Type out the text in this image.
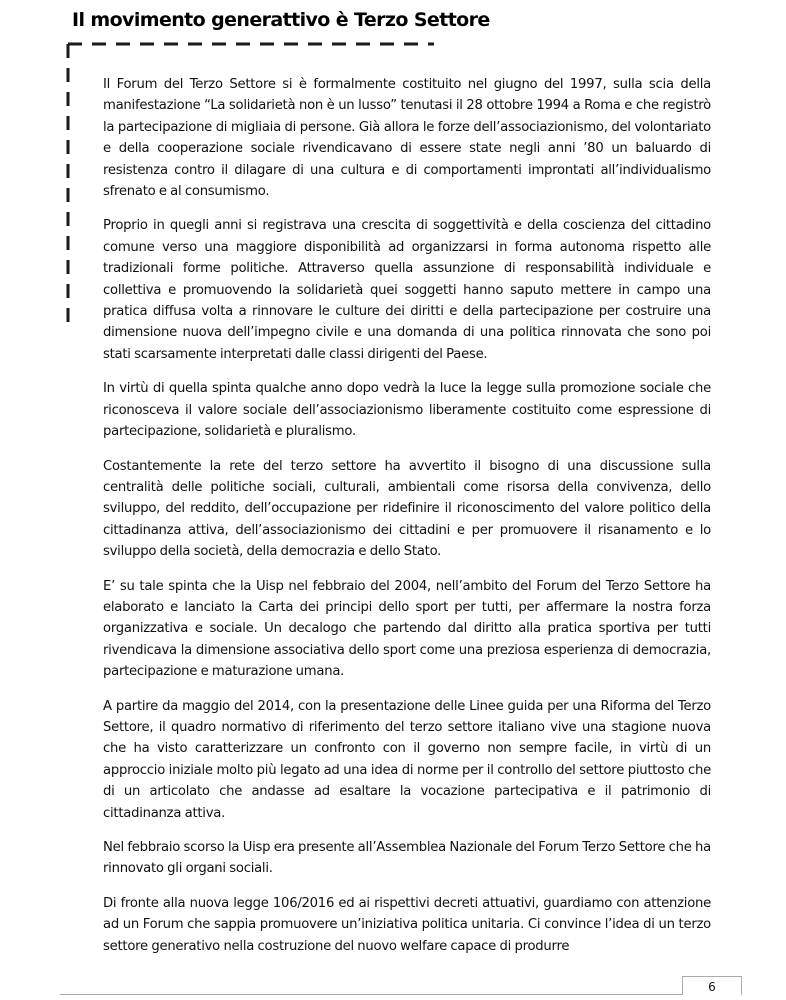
Il movimento generattivo è Terzo Settore

Il Forum del Terzo Settore si è formalmente costituito nel giugno del 1997, sulla scia della manifestazione “La solidarietà non è un lusso” tenutasi il 28 ottobre 1994 a Roma e che registrò la partecipazione di migliaia di persone. Già allora le forze dell’associazionismo, del volontariato e della cooperazione sociale rivendicavano di essere state negli anni ’80 un baluardo di resistenza contro il dilagare di una cultura e di comportamenti improntati all’individualismo sfrenato e al consumismo.

Proprio in quegli anni si registrava una crescita di soggettività e della coscienza del cittadino comune verso una maggiore disponibilità ad organizzarsi in forma autonoma rispetto alle tradizionali forme politiche. Attraverso quella assunzione di responsabilità individuale e collettiva e promuovendo la solidarietà quei soggetti hanno saputo mettere in campo una pratica diffusa volta a rinnovare le culture dei diritti e della partecipazione per costruire una dimensione nuova dell’impegno civile e una domanda di una politica rinnovata che sono poi stati scarsamente interpretati dalle classi dirigenti del Paese.

In virtù di quella spinta qualche anno dopo vedrà la luce la legge sulla promozione sociale che riconosceva il valore sociale dell’associazionismo liberamente costituito come espressione di partecipazione, solidarietà e pluralismo.

Costantemente la rete del terzo settore ha avvertito il bisogno di una discussione sulla centralità delle politiche sociali, culturali, ambientali come risorsa della convivenza, dello sviluppo, del reddito, dell’occupazione per ridefinire il riconoscimento del valore politico della cittadinanza attiva, dell’associazionismo dei cittadini e per promuovere il risanamento e lo sviluppo della società, della democrazia e dello Stato.

E’ su tale spinta che la Uisp nel febbraio del 2004, nell’ambito del Forum del Terzo Settore ha elaborato e lanciato la Carta dei principi dello sport per tutti, per affermare la nostra forza organizzativa e sociale. Un decalogo che partendo dal diritto alla pratica sportiva per tutti rivendicava la dimensione associativa dello sport come una preziosa esperienza di democrazia, partecipazione e maturazione umana.

A partire da maggio del 2014, con la presentazione delle Linee guida per una Riforma del Terzo Settore, il quadro normativo di riferimento del terzo settore italiano vive una stagione nuova che ha visto caratterizzare un confronto con il governo non sempre facile, in virtù di un approccio iniziale molto più legato ad una idea di norme per il controllo del settore piuttosto che di un articolato che andasse ad esaltare la vocazione partecipativa e il patrimonio di cittadinanza attiva.

Nel febbraio scorso la Uisp era presente all’Assemblea Nazionale del Forum Terzo Settore che ha rinnovato gli organi sociali.

Di fronte alla nuova legge 106/2016 ed ai rispettivi decreti attuativi, guardiamo con attenzione ad un Forum che sappia promuovere un’iniziativa politica unitaria. Ci convince l’idea di un terzo settore generativo nella costruzione del nuovo welfare capace di produrre

6
